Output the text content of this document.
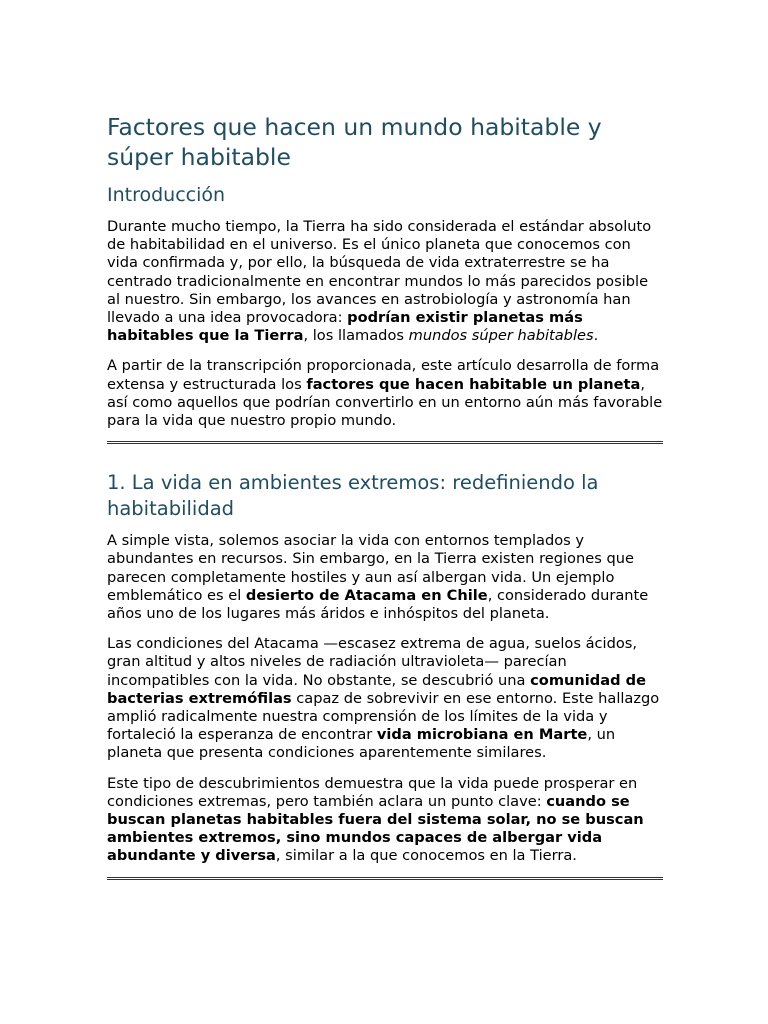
Factores que hacen un mundo habitable y súper habitable
Introducción

Durante mucho tiempo, la Tierra ha sido considerada el estándar absoluto de habitabilidad en el universo. Es el único planeta que conocemos con vida confirmada y, por ello, la búsqueda de vida extraterrestre se ha centrado tradicionalmente en encontrar mundos lo más parecidos posible al nuestro. Sin embargo, los avances en astrobiología y astronomía han llevado a una idea provocadora: podrían existir planetas más habitables que la Tierra, los llamados mundos súper habitables.

A partir de la transcripción proporcionada, este artículo desarrolla de forma extensa y estructurada los factores que hacen habitable un planeta, así como aquellos que podrían convertirlo en un entorno aún más favorable para la vida que nuestro propio mundo.

1. La vida en ambientes extremos: redefiniendo la habitabilidad

A simple vista, solemos asociar la vida con entornos templados y abundantes en recursos. Sin embargo, en la Tierra existen regiones que parecen completamente hostiles y aun así albergan vida. Un ejemplo emblemático es el desierto de Atacama en Chile, considerado durante años uno de los lugares más áridos e inhóspitos del planeta.

Las condiciones del Atacama —escasez extrema de agua, suelos ácidos, gran altitud y altos niveles de radiación ultravioleta— parecían incompatibles con la vida. No obstante, se descubrió una comunidad de bacterias extremófilas capaz de sobrevivir en ese entorno. Este hallazgo amplió radicalmente nuestra comprensión de los límites de la vida y fortaleció la esperanza de encontrar vida microbiana en Marte, un planeta que presenta condiciones aparentemente similares.

Este tipo de descubrimientos demuestra que la vida puede prosperar en condiciones extremas, pero también aclara un punto clave: cuando se buscan planetas habitables fuera del sistema solar, no se buscan ambientes extremos, sino mundos capaces de albergar vida abundante y diversa, similar a la que conocemos en la Tierra.
